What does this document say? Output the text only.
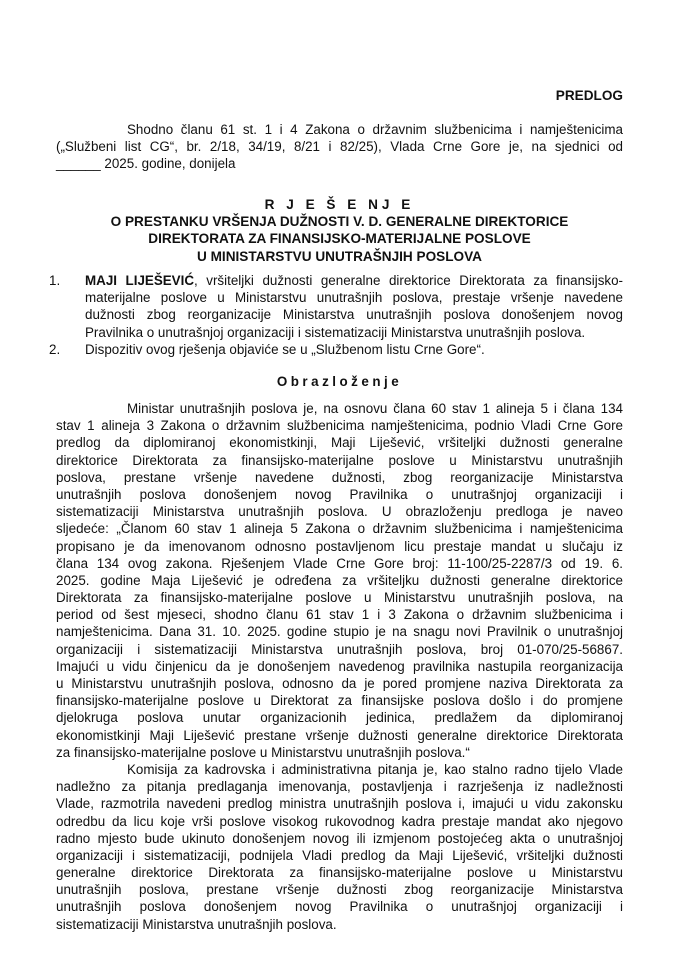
PREDLOG
Shodno članu 61 st. 1 i 4 Zakona o državnim službenicima i namještenicima
(„Službeni list CG“, br. 2/18, 34/19, 8/21 i 82/25), Vlada Crne Gore je, na sjednici od
______ 2025. godine, donijela
R J E Š E NJ E
O PRESTANKU VRŠENJA DUŽNOSTI V. D. GENERALNE DIREKTORICE
DIREKTORATA ZA FINANSIJSKO-MATERIJALNE POSLOVE
U MINISTARSTVU UNUTRAŠNJIH POSLOVA
1. MAJI LIJEŠEVIĆ, vršiteljki dužnosti generalne direktorice Direktorata za finansijsko-
materijalne poslove u Ministarstvu unutrašnjih poslova, prestaje vršenje navedene
dužnosti zbog reorganizacije Ministarstva unutrašnjih poslova donošenjem novog
Pravilnika o unutrašnjoj organizaciji i sistematizaciji Ministarstva unutrašnjih poslova.
2. Dispozitiv ovog rješenja objaviće se u „Službenom listu Crne Gore“.
Obrazloženje
Ministar unutrašnjih poslova je, na osnovu člana 60 stav 1 alineja 5 i člana 134
stav 1 alineja 3 Zakona o državnim službenicima namještenicima, podnio Vladi Crne Gore
predlog da diplomiranoj ekonomistkinji, Maji Liješević, vršiteljki dužnosti generalne
direktorice Direktorata za finansijsko-materijalne poslove u Ministarstvu unutrašnjih
poslova, prestane vršenje navedene dužnosti, zbog reorganizacije Ministarstva
unutrašnjih poslova donošenjem novog Pravilnika o unutrašnjoj organizaciji i
sistematizaciji Ministarstva unutrašnjih poslova. U obrazloženju predloga je naveo
sljedeće: „Članom 60 stav 1 alineja 5 Zakona o državnim službenicima i namještenicima
propisano je da imenovanom odnosno postavljenom licu prestaje mandat u slučaju iz
člana 134 ovog zakona. Rješenjem Vlade Crne Gore broj: 11-100/25-2287/3 od 19. 6.
2025. godine Maja Liješević je određena za vršiteljku dužnosti generalne direktorice
Direktorata za finansijsko-materijalne poslove u Ministarstvu unutrašnjih poslova, na
period od šest mjeseci, shodno članu 61 stav 1 i 3 Zakona o državnim službenicima i
namještenicima. Dana 31. 10. 2025. godine stupio je na snagu novi Pravilnik o unutrašnjoj
organizaciji i sistematizaciji Ministarstva unutrašnjih poslova, broj 01-070/25-56867.
Imajući u vidu činjenicu da je donošenjem navedenog pravilnika nastupila reorganizacija
u Ministarstvu unutrašnjih poslova, odnosno da je pored promjene naziva Direktorata za
finansijsko-materijalne poslove u Direktorat za finansijske poslova došlo i do promjene
djelokruga poslova unutar organizacionih jedinica, predlažem da diplomiranoj
ekonomistkinji Maji Liješević prestane vršenje dužnosti generalne direktorice Direktorata
za finansijsko-materijalne poslove u Ministarstvu unutrašnjih poslova.“
Komisija za kadrovska i administrativna pitanja je, kao stalno radno tijelo Vlade
nadležno za pitanja predlaganja imenovanja, postavljenja i razrješenja iz nadležnosti
Vlade, razmotrila navedeni predlog ministra unutrašnjih poslova i, imajući u vidu zakonsku
odredbu da licu koje vrši poslove visokog rukovodnog kadra prestaje mandat ako njegovo
radno mjesto bude ukinuto donošenjem novog ili izmjenom postojećeg akta o unutrašnjoj
organizaciji i sistematizaciji, podnijela Vladi predlog da Maji Liješević, vršiteljki dužnosti
generalne direktorice Direktorata za finansijsko-materijalne poslove u Ministarstvu
unutrašnjih poslova, prestane vršenje dužnosti zbog reorganizacije Ministarstva
unutrašnjih poslova donošenjem novog Pravilnika o unutrašnjoj organizaciji i
sistematizaciji Ministarstva unutrašnjih poslova.
